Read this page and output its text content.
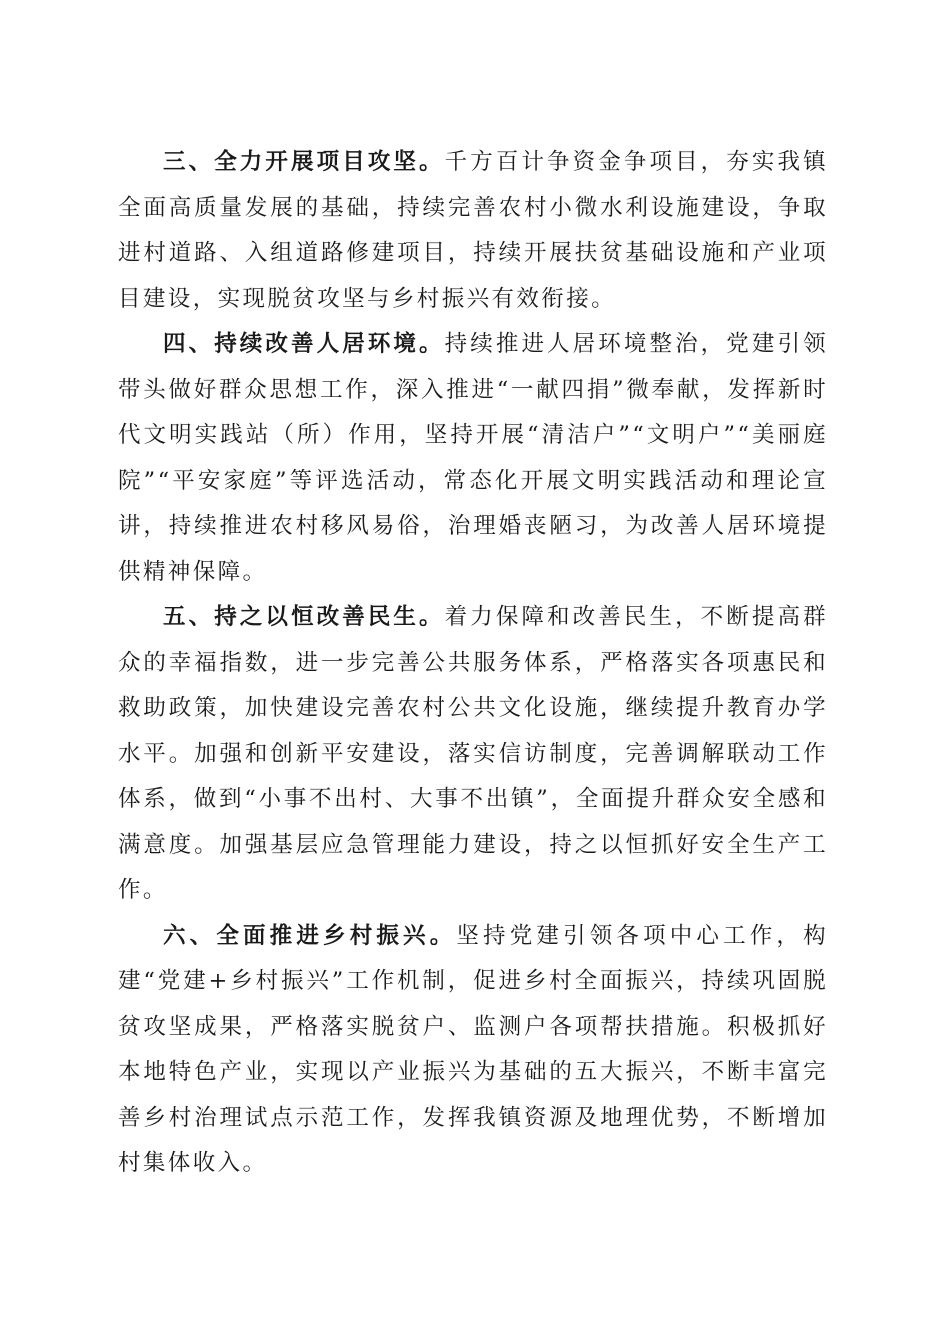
三、全力开展项目攻坚。千方百计争资金争项目，夯实我镇全面高质量发展的基础，持续完善农村小微水利设施建设，争取进村道路、入组道路修建项目，持续开展扶贫基础设施和产业项目建设，实现脱贫攻坚与乡村振兴有效衔接。

四、持续改善人居环境。持续推进人居环境整治，党建引领带头做好群众思想工作，深入推进“一献四捐”微奉献，发挥新时代文明实践站（所）作用，坚持开展“清洁户”“文明户”“美丽庭院”“平安家庭”等评选活动，常态化开展文明实践活动和理论宣讲，持续推进农村移风易俗，治理婚丧陋习，为改善人居环境提供精神保障。

五、持之以恒改善民生。着力保障和改善民生，不断提高群众的幸福指数，进一步完善公共服务体系，严格落实各项惠民和救助政策，加快建设完善农村公共文化设施，继续提升教育办学水平。加强和创新平安建设，落实信访制度，完善调解联动工作体系，做到“小事不出村、大事不出镇”，全面提升群众安全感和满意度。加强基层应急管理能力建设，持之以恒抓好安全生产工作。

六、全面推进乡村振兴。坚持党建引领各项中心工作，构建“党建+乡村振兴”工作机制，促进乡村全面振兴，持续巩固脱贫攻坚成果，严格落实脱贫户、监测户各项帮扶措施。积极抓好本地特色产业，实现以产业振兴为基础的五大振兴，不断丰富完善乡村治理试点示范工作，发挥我镇资源及地理优势，不断增加村集体收入。
